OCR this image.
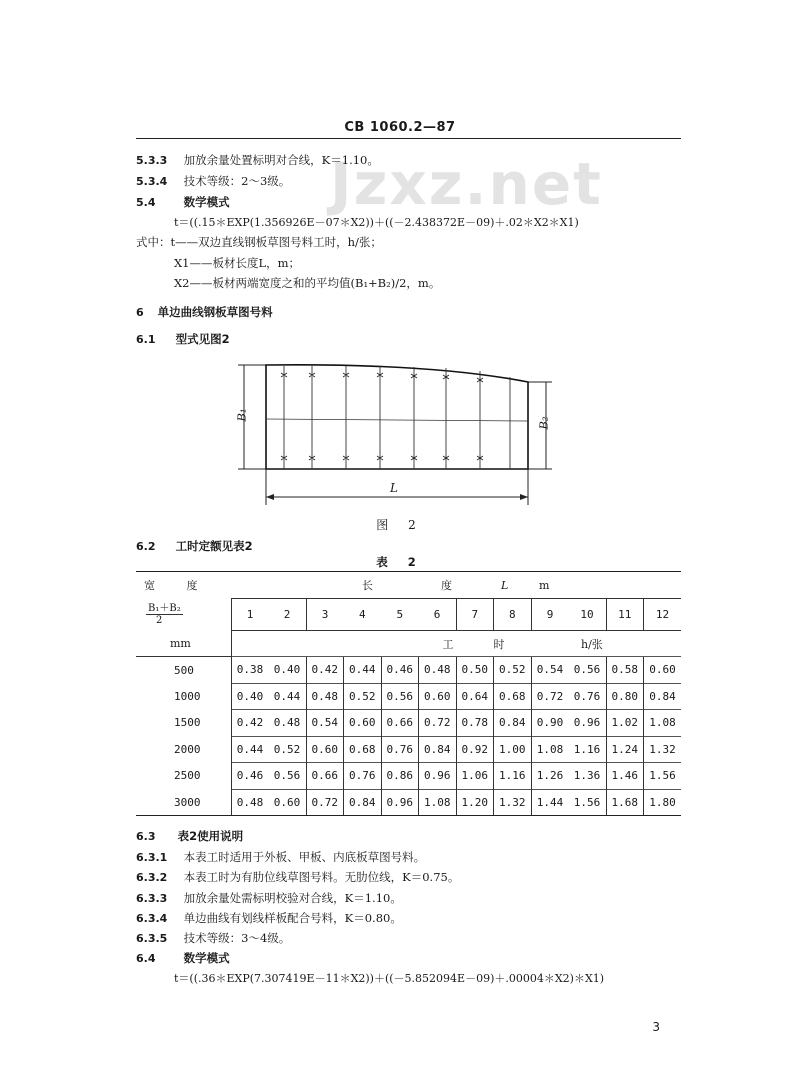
CB 1060.2—87
Jzxz.net
5.3.3 加放余量处置标明对合线，K＝1.10。
5.3.4 技术等级：2～3级。
5.4 数学模式
t＝((.15＊EXP(1.356926E－07＊X2))＋((－2.438372E－09)＋.02＊X2＊X1)
式中：t——双边直线钢板草图号料工时，h/张；
X1——板材长度L，m；
X2——板材两端宽度之和的平均值(B₁+B₂)/2，m。
6 单边曲线钢板草图号料
6.1 型式见图2
B₁
B₂
L
图 2
6.2 工时定额见表2
表 2
宽 度	长				度 L				m			
B₁＋B₂
2	1	2	3	4	5	6	7	8	9	10	11	12
mm	工							时	h/张			
500	0.38	0.40	0.42	0.44	0.46	0.48	0.50	0.52	0.54	0.56	0.58	0.60
1000	0.40	0.44	0.48	0.52	0.56	0.60	0.64	0.68	0.72	0.76	0.80	0.84
1500	0.42	0.48	0.54	0.60	0.66	0.72	0.78	0.84	0.90	0.96	1.02	1.08
2000	0.44	0.52	0.60	0.68	0.76	0.84	0.92	1.00	1.08	1.16	1.24	1.32
2500	0.46	0.56	0.66	0.76	0.86	0.96	1.06	1.16	1.26	1.36	1.46	1.56
3000	0.48	0.60	0.72	0.84	0.96	1.08	1.20	1.32	1.44	1.56	1.68	1.80
6.3 表2使用说明
6.3.1 本表工时适用于外板、甲板、内底板草图号料。
6.3.2 本表工时为有肋位线草图号料。无肋位线，K＝0.75。
6.3.3 加放余量处需标明校验对合线，K＝1.10。
6.3.4 单边曲线有划线样板配合号料，K＝0.80。
6.3.5 技术等级：3～4级。
6.4 数学模式
t＝((.36＊EXP(7.307419E－11＊X2))＋((－5.852094E－09)＋.00004＊X2)＊X1)
3
